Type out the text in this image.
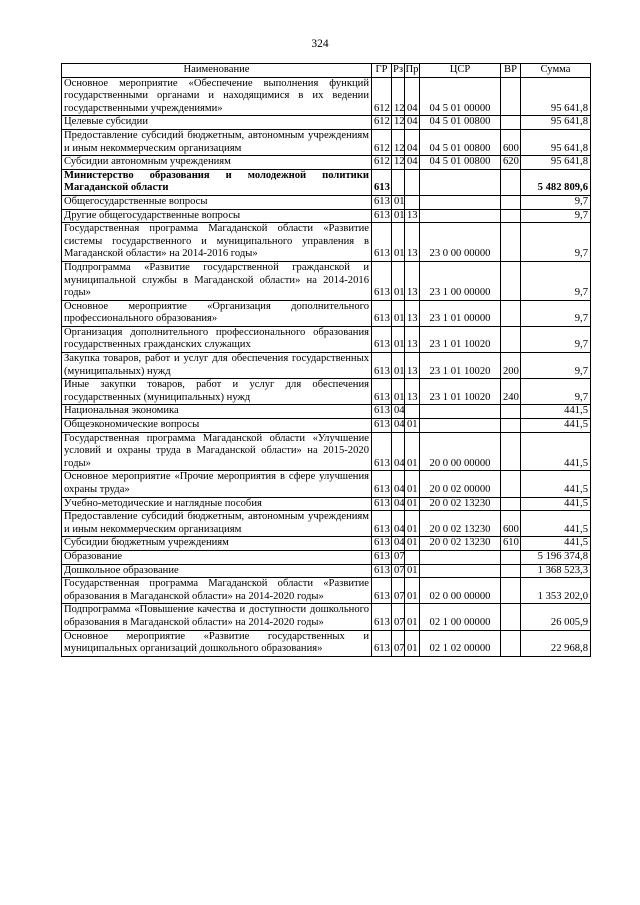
324
Наименование	ГР	Рз	Пр	ЦСР	ВР	Сумма
Основное мероприятие «Обеспечение выполнения функций государственными органами и находящимися в их ведении государственными учреждениями»	612	12	04	04 5 01 00000		95 641,8
Целевые субсидии	612	12	04	04 5 01 00800		95 641,8
Предоставление субсидий бюджетным, автономным учреждениям и иным некоммерческим организациям	612	12	04	04 5 01 00800	600	95 641,8
Субсидии автономным учреждениям	612	12	04	04 5 01 00800	620	95 641,8
Министерство образования и молодежной политики Магаданской области	613					5 482 809,6
Общегосударственные вопросы	613	01				9,7
Другие общегосударственные вопросы	613	01	13			9,7
Государственная программа Магаданской области «Развитие системы государственного и муниципального управления в Магаданской области» на 2014-2016 годы»	613	01	13	23 0 00 00000		9,7
Подпрограмма «Развитие государственной гражданской и муниципальной службы в Магаданской области» на 2014-2016 годы»	613	01	13	23 1 00 00000		9,7
Основное мероприятие «Организация дополнительного профессионального образования»	613	01	13	23 1 01 00000		9,7
Организация дополнительного профессионального образования государственных гражданских служащих	613	01	13	23 1 01 10020		9,7
Закупка товаров, работ и услуг для обеспечения государственных (муниципальных) нужд	613	01	13	23 1 01 10020	200	9,7
Иные закупки товаров, работ и услуг для обеспечения государственных (муниципальных) нужд	613	01	13	23 1 01 10020	240	9,7
Национальная экономика	613	04				441,5
Общеэкономические вопросы	613	04	01			441,5
Государственная программа Магаданской области «Улучшение условий и охраны труда в Магаданской области» на 2015-2020 годы»	613	04	01	20 0 00 00000		441,5
Основное мероприятие «Прочие мероприятия в сфере улучшения охраны труда»	613	04	01	20 0 02 00000		441,5
Учебно-методические и наглядные пособия	613	04	01	20 0 02 13230		441,5
Предоставление субсидий бюджетным, автономным учреждениям и иным некоммерческим организациям	613	04	01	20 0 02 13230	600	441,5
Субсидии бюджетным учреждениям	613	04	01	20 0 02 13230	610	441,5
Образование	613	07				5 196 374,8
Дошкольное образование	613	07	01			1 368 523,3
Государственная программа Магаданской области «Развитие образования в Магаданской области» на 2014-2020 годы»	613	07	01	02 0 00 00000		1 353 202,0
Подпрограмма «Повышение качества и доступности дошкольного образования в Магаданской области» на 2014-2020 годы»	613	07	01	02 1 00 00000		26 005,9
Основное мероприятие «Развитие государственных и муниципальных организаций дошкольного образования»	613	07	01	02 1 02 00000		22 968,8
